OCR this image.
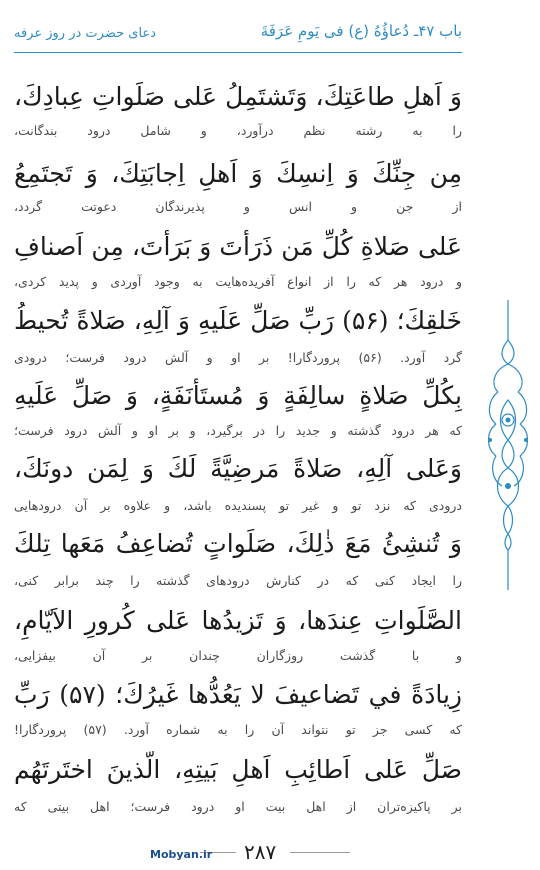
دعای حضرت در روز عرفه	باب ۴۷ـ دُعاؤُهُ (ع) فی یَومِ عَرَفَةَ
وَ اَهلِ طاعَتِكَ، وَتَشتَمِلُ عَلی صَلَواتِ عِبادِكَ،
را به رشته نظم درآورد، و شامل درود بندگانت،
مِن جِنِّكَ وَ اِنسِكَ وَ اَهلِ اِجابَتِكَ، وَ تَجتَمِعُ
از جن و انس و پذیرندگان دعوتت گردد،
عَلی صَلاةِ كُلِّ مَن ذَرَأتَ وَ بَرَأتَ، مِن اَصنافِ
و درود هر كه را از انواع آفریده‌هایت به وجود آوردی و پدید كردی،
خَلقِكَ؛ (۵۶) رَبِّ صَلِّ عَلَيهِ وَ آلِهِ، صَلاةً تُحيطُ
گرد آورد. (۵۶) پروردگارا! بر او و آلش درود فرست؛ درودی
بِكُلِّ صَلاةٍ سالِفَةٍ وَ مُستَأنَفَةٍ، وَ صَلِّ عَلَيهِ
كه هر درود گذشته و جدید را در برگیرد، و بر او و آلش درود فرست؛
وَعَلی آلِهِ، صَلاةً مَرضِيَّةً لَكَ وَ لِمَن دونَكَ،
درودی كه نزد تو و غیر تو پسندیده باشد، و علاوه بر آن درودهایی
وَ تُنشِئُ مَعَ ذٰلِكَ، صَلَواتٍ تُضاعِفُ مَعَها تِلكَ
را ایجاد كنی كه در كنارش درودهای گذشته را چند برابر كنی،
الصَّلَواتِ عِندَها، وَ تَزيدُها عَلی كُرورِ الاَيّامِ،
و با گذشت روزگاران چندان بر آن بیفزایی،
زِيادَةً في تَضاعيفَ لا يَعُدُّها غَيرُكَ؛ (۵۷) رَبِّ
كه كسی جز تو نتواند آن را به شماره آورد. (۵۷) پروردگارا!
صَلِّ عَلی اَطائِبِ اَهلِ بَيتِهِ، الَّذينَ اختَرتَهُم
بر پاكیزه‌تران از اهل بیت او درود فرست؛ اهل بیتی كه
Mobyan.ir ۲۸۷
